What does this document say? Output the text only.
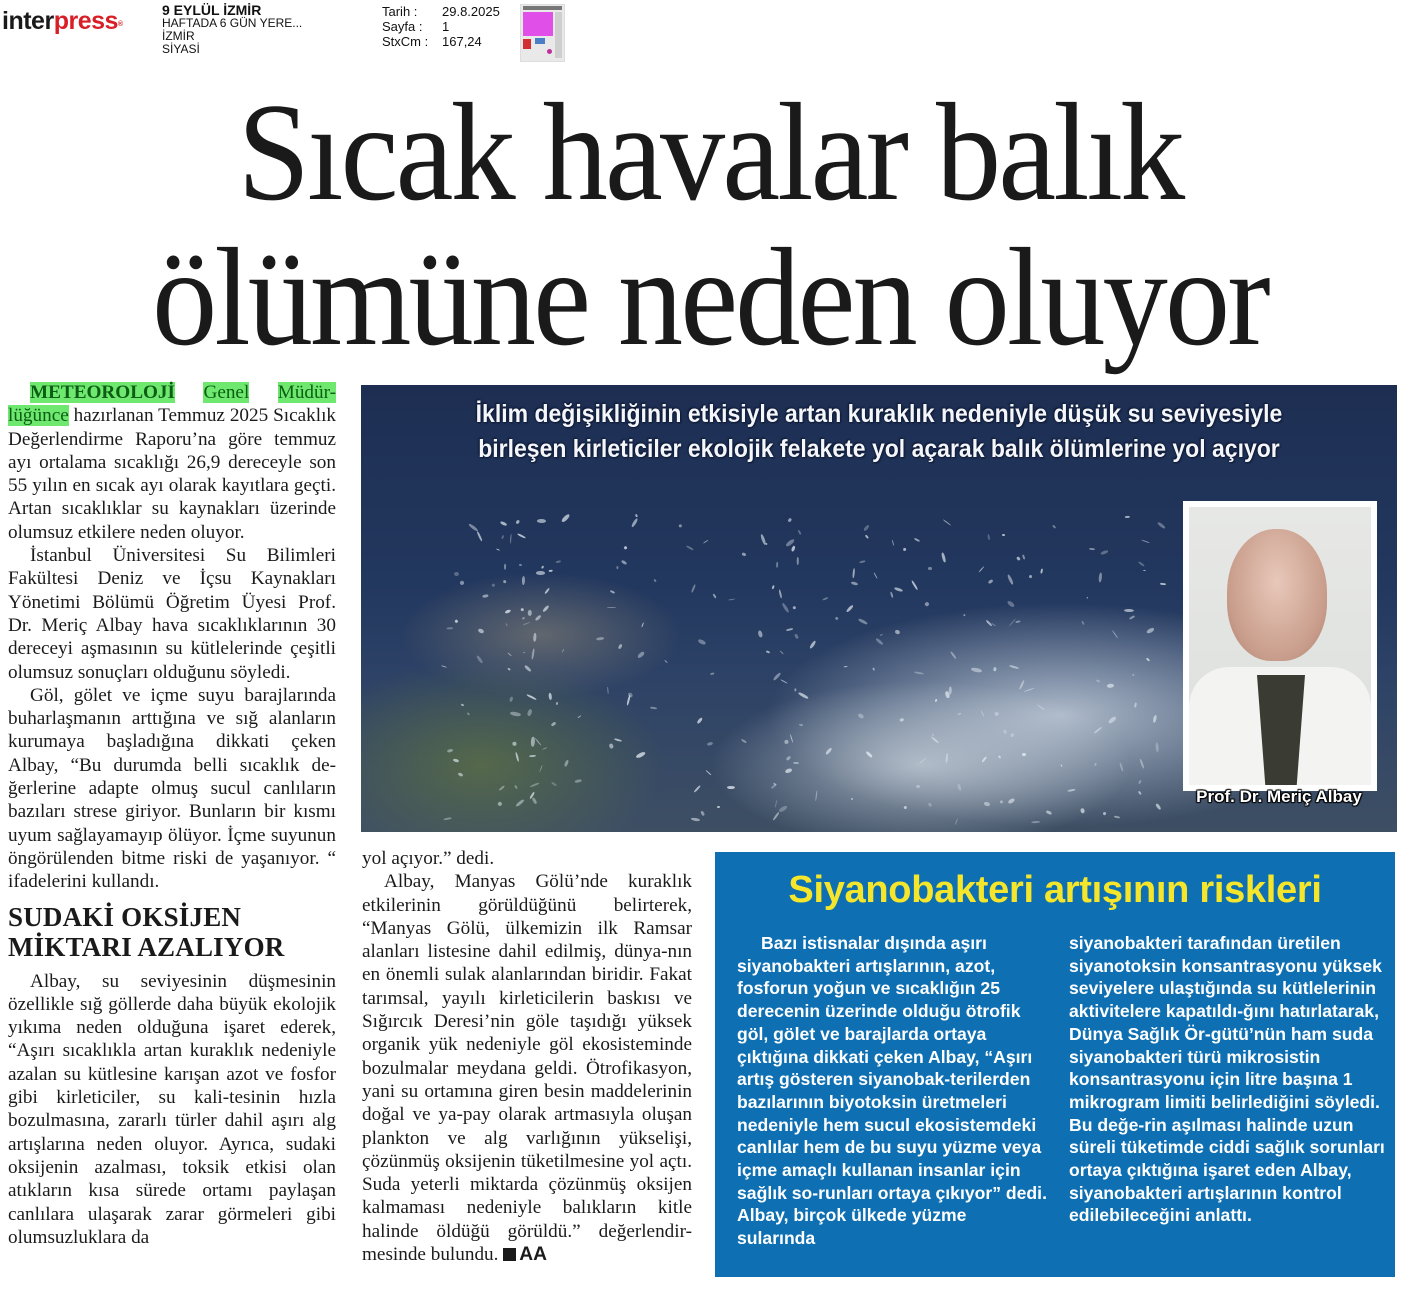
interpress®
9 EYLÜL İZMİR
HAFTADA 6 GÜN YERE...
İZMİR
SİYASİ
Tarih :	29.8.2025
Sayfa :	1
StxCm :	167,24
Sıcak havalar balık
ölümüne neden oluyor

METEOROLOJİ Genel Müdür- lüğünce hazırlanan Temmuz 2025 Sıcaklık Değerlendirme Raporu’na göre temmuz ayı ortalama sıcaklığı 26,9 dereceyle son 55 yılın en sıcak ayı olarak kayıtlara geçti. Artan sıcaklıklar su kaynakları üzerinde olumsuz etkilere neden oluyor.

İstanbul Üniversitesi Su Bilimleri Fakültesi Deniz ve İçsu Kaynakları Yönetimi Bölümü Öğretim Üyesi Prof. Dr. Meriç Albay hava sıcaklıklarının 30 dereceyi aşmasının su kütlelerinde çeşitli olumsuz sonuçları olduğunu söyledi.

Göl, gölet ve içme suyu barajlarında buharlaşmanın arttığına ve sığ alanların kurumaya başladığına dikkati çeken Albay, “Bu durumda belli sıcaklık de-ğerlerine adapte olmuş sucul canlıların bazıları strese giriyor. Bunların bir kısmı uyum sağlayamayıp ölüyor. İçme suyunun öngörülenden bitme riski de yaşanıyor. “ ifadelerini kullandı.

SUDAKİ OKSİJEN
MİKTARI AZALIYOR

Albay, su seviyesinin düşmesinin özellikle sığ göllerde daha büyük ekolojik yıkıma neden olduğuna işaret ederek, “Aşırı sıcaklıkla artan kuraklık nedeniyle azalan su kütlesine karışan azot ve fosfor gibi kirleticiler, su kali-tesinin hızla bozulmasına, zararlı türler dahil aşırı alg artışlarına neden oluyor. Ayrıca, sudaki oksijenin azalması, toksik etkisi olan atıkların kısa sürede ortamı paylaşan canlılara ulaşarak zarar görmeleri gibi olumsuzluklara da

İklim değişikliğinin etkisiyle artan kuraklık nedeniyle düşük su seviyesiyle
birleşen kirleticiler ekolojik felakete yol açarak balık ölümlerine yol açıyor
Prof. Dr. Meriç Albay

yol açıyor.” dedi.

Albay, Manyas Gölü’nde kuraklık etkilerinin görüldüğünü belirterek, “Manyas Gölü, ülkemizin ilk Ramsar alanları listesine dahil edilmiş, dünya-nın en önemli sulak alanlarından biridir. Fakat tarımsal, yayılı kirleticilerin baskısı ve Sığırcık Deresi’nin göle taşıdığı yüksek organik yük nedeniyle göl ekosisteminde bozulmalar meydana geldi. Ötrofikasyon, yani su ortamına giren besin maddelerinin doğal ve ya-pay olarak artmasıyla oluşan plankton ve alg varlığının yükselişi, çözünmüş oksijenin tüketilmesine yol açtı. Suda yeterli miktarda çözünmüş oksijen kalmaması nedeniyle balıkların kitle halinde öldüğü görüldü.” değerlendir-mesinde bulundu. AA

Siyanobakteri artışının riskleri

Bazı istisnalar dışında aşırı siyanobakteri artışlarının, azot, fosforun yoğun ve sıcaklığın 25 derecenin üzerinde olduğu ötrofik göl, gölet ve barajlarda ortaya çıktığına dikkati çeken Albay, “Aşırı artış gösteren siyanobak-terilerden bazılarının biyotoksin üretmeleri nedeniyle hem sucul ekosistemdeki canlılar hem de bu suyu yüzme veya içme amaçlı kullanan insanlar için sağlık so-runları ortaya çıkıyor” dedi. Albay, birçok ülkede yüzme sularında

siyanobakteri tarafından üretilen siyanotoksin konsantrasyonu yüksek seviyelere ulaştığında su kütlelerinin aktivitelere kapatıldı-ğını hatırlatarak, Dünya Sağlık Ör-gütü’nün ham suda siyanobakteri türü mikrosistin konsantrasyonu için litre başına 1 mikrogram limiti belirlediğini söyledi. Bu değe-rin aşılması halinde uzun süreli tüketimde ciddi sağlık sorunları ortaya çıktığına işaret eden Albay, siyanobakteri artışlarının kontrol edilebileceğini anlattı.
